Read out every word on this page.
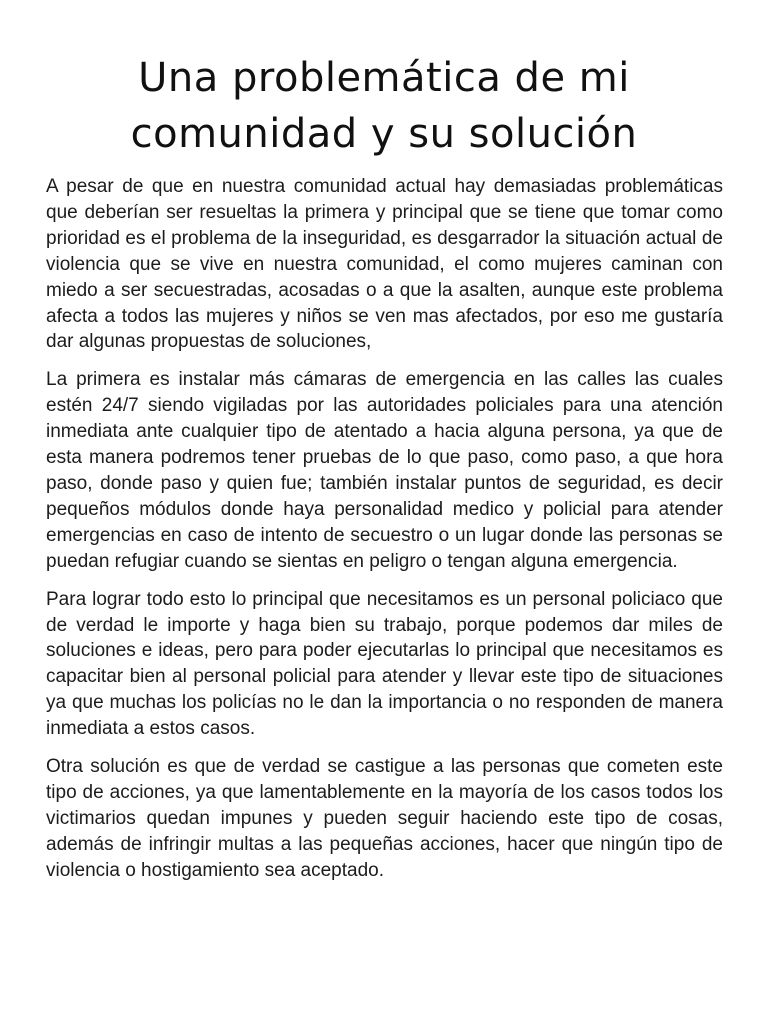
Una problemática de mi comunidad y su solución

A pesar de que en nuestra comunidad actual hay demasiadas problemáticas que deberían ser resueltas la primera y principal que se tiene que tomar como prioridad es el problema de la inseguridad, es desgarrador la situación actual de violencia que se vive en nuestra comunidad, el como mujeres caminan con miedo a ser secuestradas, acosadas o a que la asalten, aunque este problema afecta a todos las mujeres y niños se ven mas afectados, por eso me gustaría dar algunas propuestas de soluciones,

La primera es instalar más cámaras de emergencia en las calles las cuales estén 24/7 siendo vigiladas por las autoridades policiales para una atención inmediata ante cualquier tipo de atentado a hacia alguna persona, ya que de esta manera podremos tener pruebas de lo que paso, como paso, a que hora paso, donde paso y quien fue; también instalar puntos de seguridad, es decir pequeños módulos donde haya personalidad medico y policial para atender emergencias en caso de intento de secuestro o un lugar donde las personas se puedan refugiar cuando se sientas en peligro o tengan alguna emergencia.

Para lograr todo esto lo principal que necesitamos es un personal policiaco que de verdad le importe y haga bien su trabajo, porque podemos dar miles de soluciones e ideas, pero para poder ejecutarlas lo principal que necesitamos es capacitar bien al personal policial para atender y llevar este tipo de situaciones ya que muchas los policías no le dan la importancia o no responden de manera inmediata a estos casos.

Otra solución es que de verdad se castigue a las personas que cometen este tipo de acciones, ya que lamentablemente en la mayoría de los casos todos los victimarios quedan impunes y pueden seguir haciendo este tipo de cosas, además de infringir multas a las pequeñas acciones, hacer que ningún tipo de violencia o hostigamiento sea aceptado.
